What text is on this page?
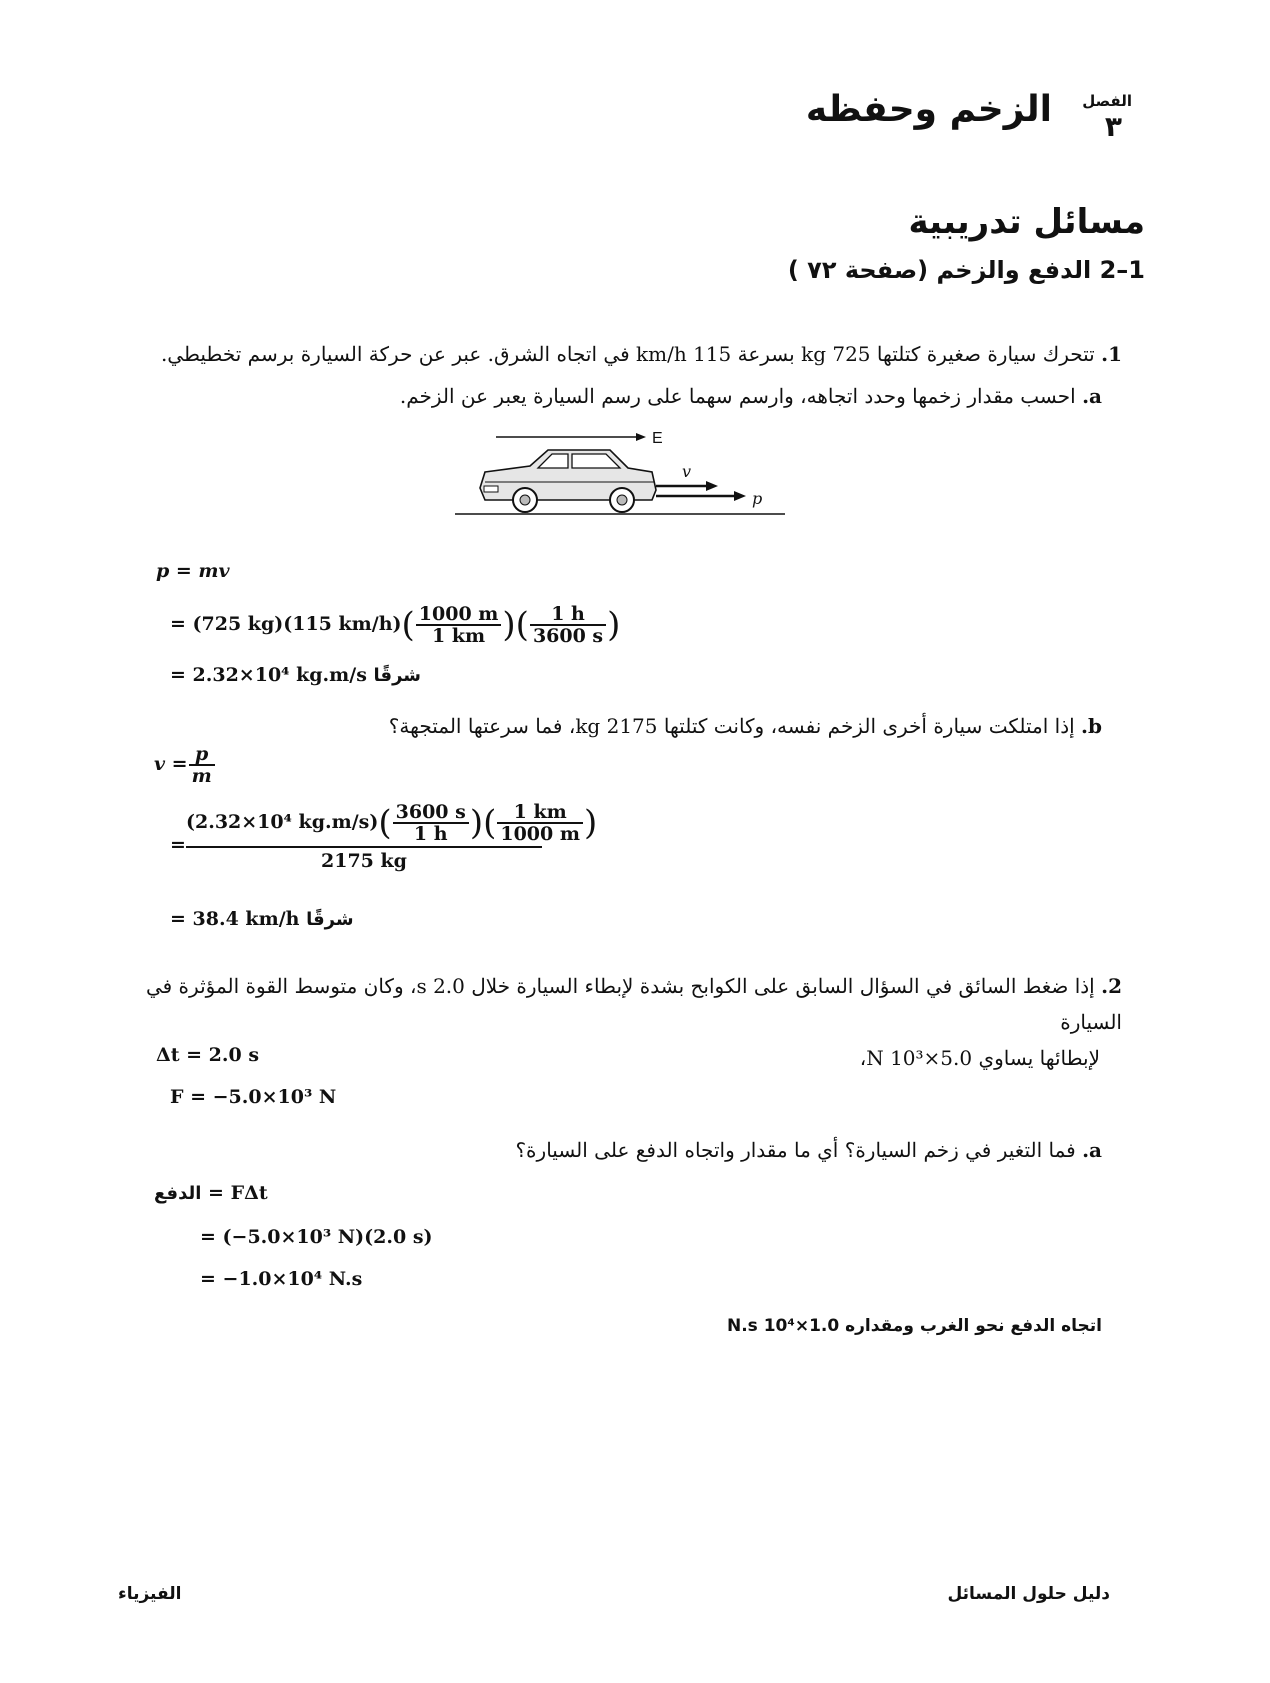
الفصل
٣
الزخم وحفظه
مسائل تدريبية
1–2 الدفع والزخم (صفحة ٧٢ )
1. تتحرك سيارة صغيرة كتلتها 725 kg بسرعة 115 km/h في اتجاه الشرق. عبر عن حركة السيارة برسم تخطيطي.
a. احسب مقدار زخمها وحدد اتجاهه، وارسم سهما على رسم السيارة يعبر عن الزخم.
E
v
p
p = mv
= (725 kg)(115 $km/h)( \frac{1000 m}{1 km}$ )( $\frac{1 h}{3600 s}$ )
= 2.32×10⁴ kg.m/s شرقًا
b. إذا امتلكت سيارة أخرى الزخم نفسه، وكانت كتلتها 2175 kg، فما سرعتها المتجهة؟
$v = \frac{p}{m}$
= $\frac{(2.32\times 10^4 kg.m/s)( \frac{3600 s}{1 h} )( \frac{1 km}{1000 m} )}{2175 kg}$
= 38.4 km/h شرقًا
2. إذا ضغط السائق في السؤال السابق على الكوابح بشدة لإبطاء السيارة خلال 2.0 s، وكان متوسط القوة المؤثرة في السيارة
لإبطائها يساوي 5.0×10³ N،
Δt = 2.0 s
F = −5.0×10³ N
a. فما التغير في زخم السيارة؟ أي ما مقدار واتجاه الدفع على السيارة؟
الدفع = FΔt
= (−5.0×10³ N)(2.0 s)
= −1.0×10⁴ N.s
اتجاه الدفع نحو الغرب ومقداره 1.0×10⁴ N.s
الفيزياء	دليل حلول المسائل
